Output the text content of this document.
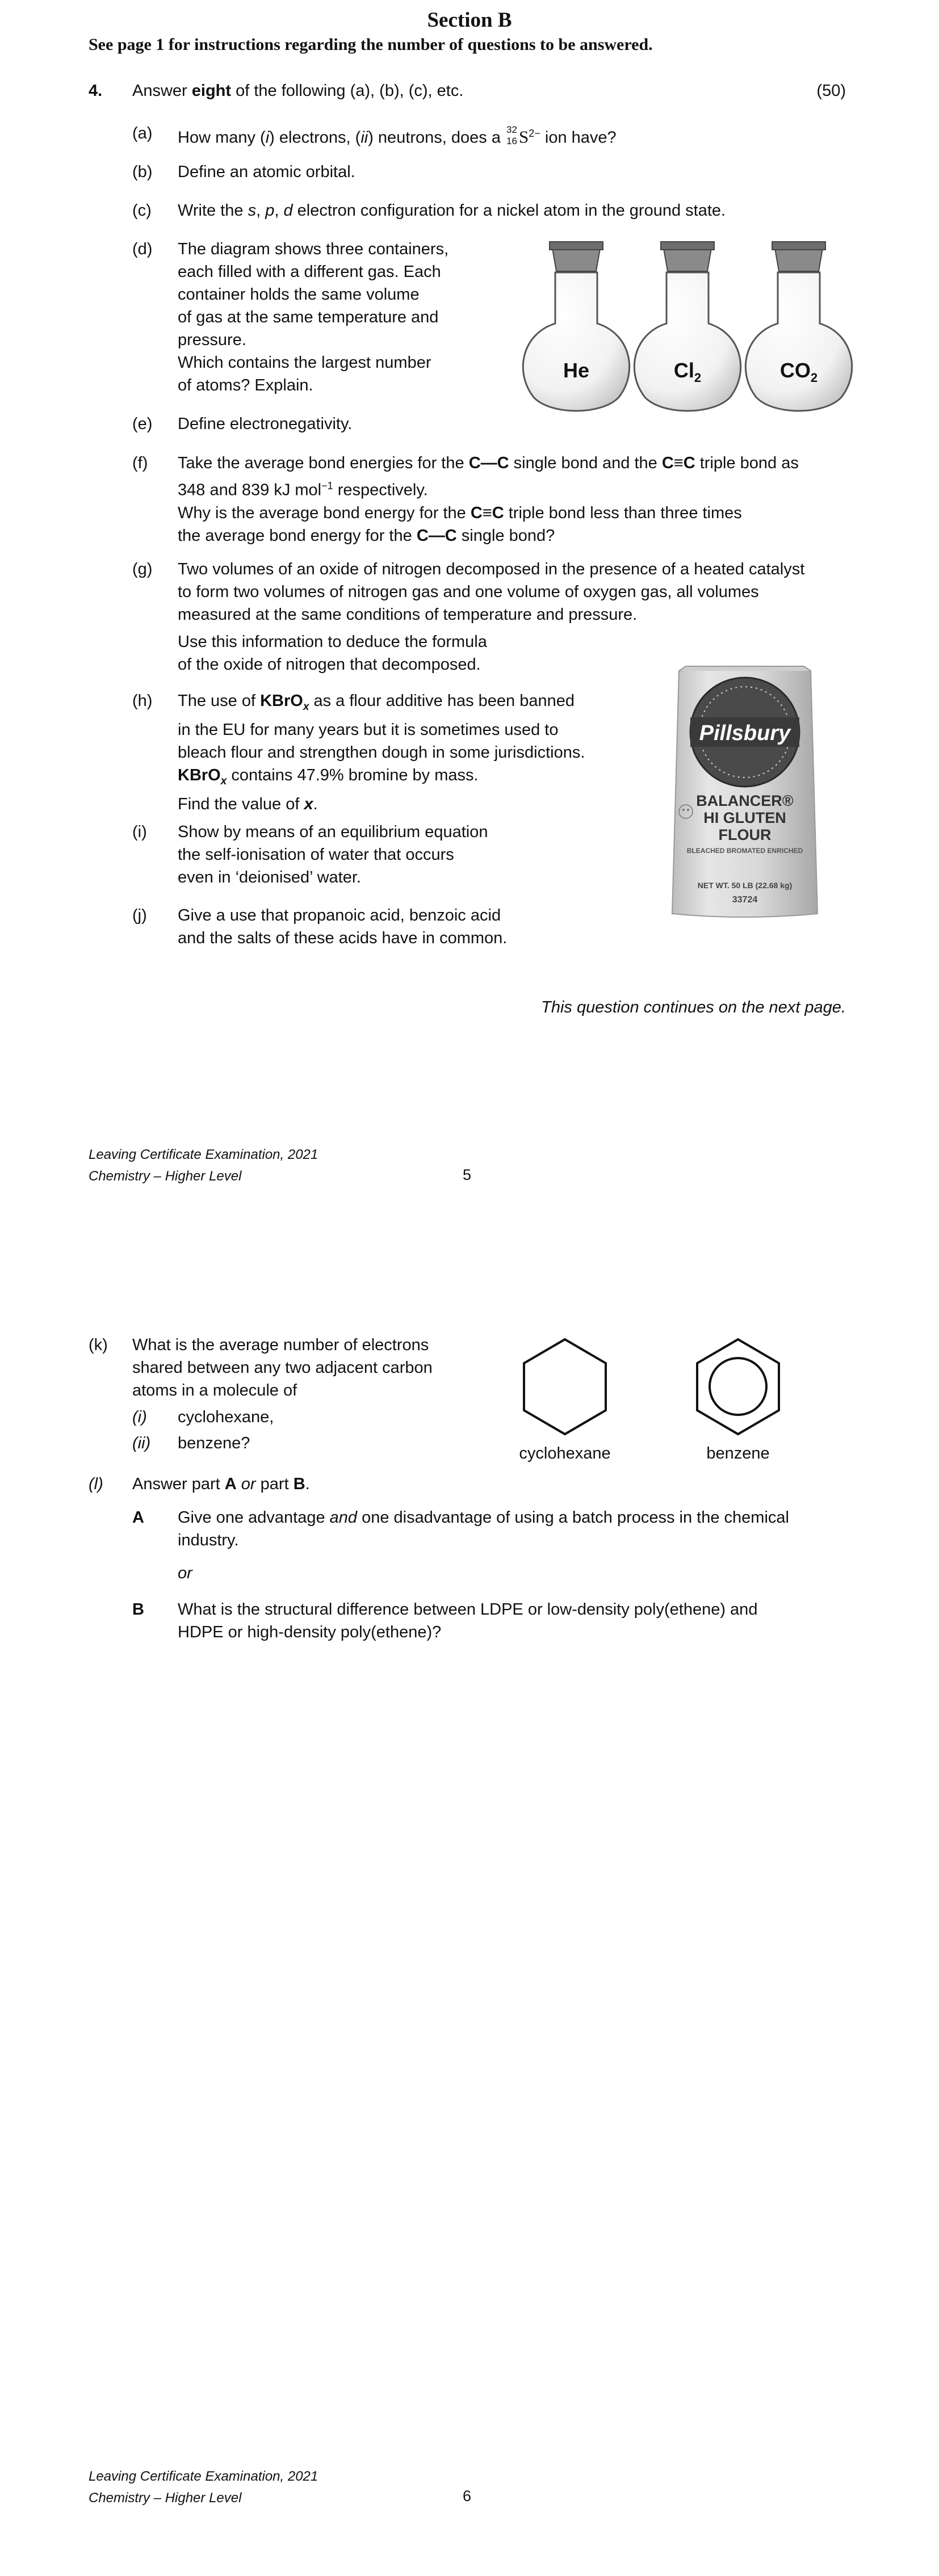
Section B
See page 1 for instructions regarding the number of questions to be answered.
4. Answer eight of the following (a), (b), (c), etc.	(50)
(a) How many (i) electrons, (ii) neutrons, does a 32
16 $S^{2-}$ ion have?
(b) Define an atomic orbital.
(c) Write the s, p, d electron configuration for a nickel atom in the ground state.
(d) The diagram shows three containers,
each filled with a different gas. Each
container holds the same volume
of gas at the same temperature and
pressure.
Which contains the largest number
of atoms? Explain.
He	$Cl_2$	$CO_2$
(e) Define electronegativity.
(f) Take the average bond energies for the C—C single bond and the C≡C triple bond as
348 and 839 kJ mol$^{-1}$ respectively.
Why is the average bond energy for the C≡C triple bond less than three times
the average bond energy for the C—C single bond?
(g) Two volumes of an oxide of nitrogen decomposed in the presence of a heated catalyst
to form two volumes of nitrogen gas and one volume of oxygen gas, all volumes
measured at the same conditions of temperature and pressure.
Use this information to deduce the formula
of the oxide of nitrogen that decomposed.
(h) The use of KBrO$_x$ as a flour additive has been banned
in the EU for many years but it is sometimes used to
bleach flour and strengthen dough in some jurisdictions.
KBrO$_x$ contains 47.9% bromine by mass.
Find the value of x.
Pillsbury
BALANCER®
HI GLUTEN
FLOUR
BLEACHED BROMATED ENRICHED
NET WT. 50 LB (22.68 kg)
33724
(i) Show by means of an equilibrium equation
the self-ionisation of water that occurs
even in ‘deionised’ water.
(j) Give a use that propanoic acid, benzoic acid
and the salts of these acids have in common.
This question continues on the next page.
Leaving Certificate Examination, 2021
Chemistry – Higher Level	5
(k) What is the average number of electrons
shared between any two adjacent carbon
atoms in a molecule of
(i) cyclohexane,
(ii) benzene?
cyclohexane	benzene
(l) Answer part A or part B.
A Give one advantage and one disadvantage of using a batch process in the chemical
industry.
or
B What is the structural difference between LDPE or low-density poly(ethene) and
HDPE or high-density poly(ethene)?
Leaving Certificate Examination, 2021
Chemistry – Higher Level	6
